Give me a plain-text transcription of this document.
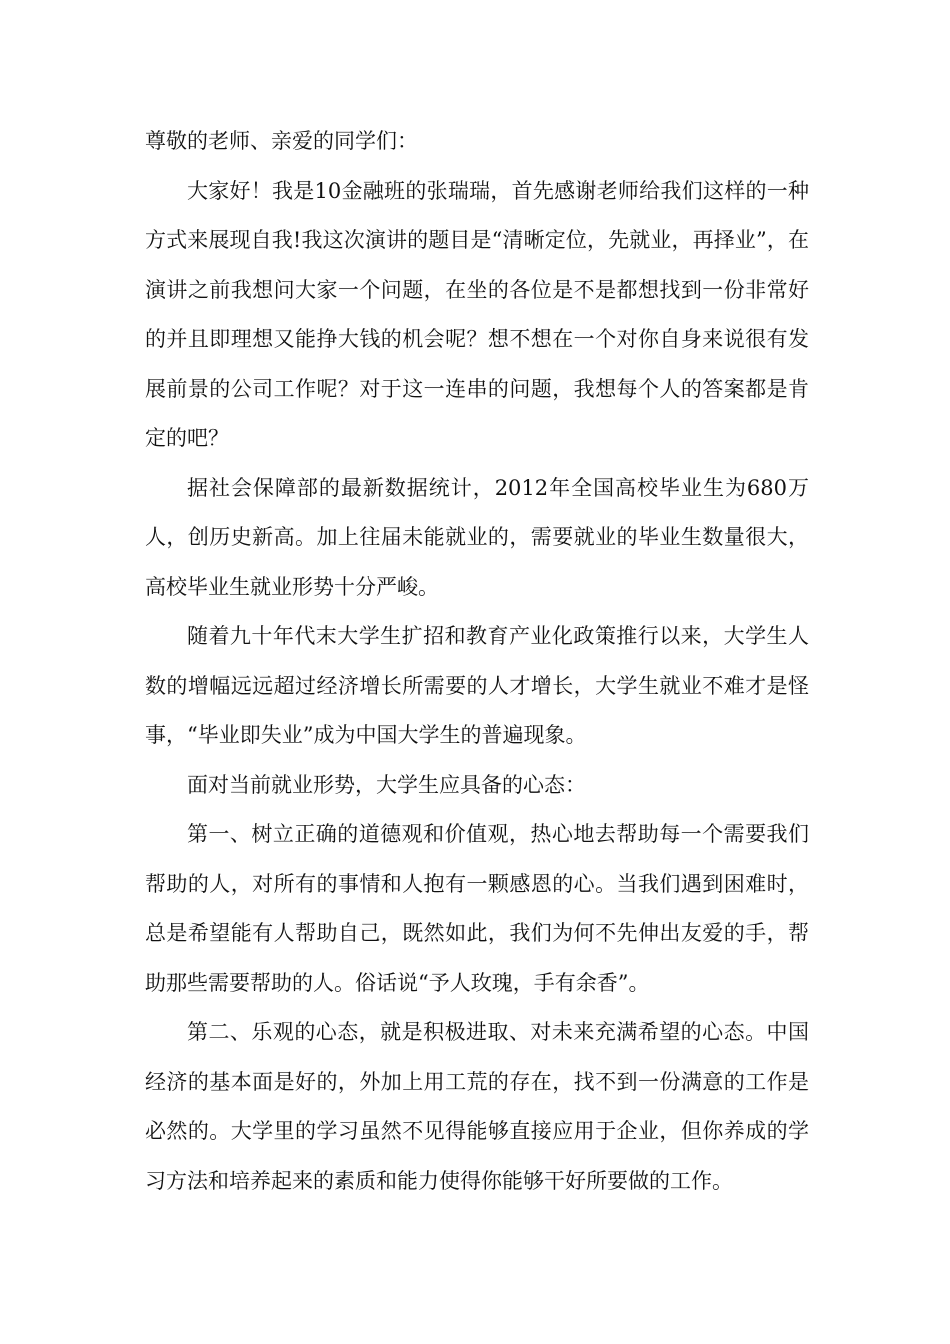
尊敬的老师、亲爱的同学们：

大家好！我是10金融班的张瑞瑞，首先感谢老师给我们这样的一种方式来展现自我!我这次演讲的题目是“清晰定位，先就业，再择业”，在演讲之前我想问大家一个问题，在坐的各位是不是都想找到一份非常好的并且即理想又能挣大钱的机会呢？想不想在一个对你自身来说很有发展前景的公司工作呢？对于这一连串的问题，我想每个人的答案都是肯定的吧？

据社会保障部的最新数据统计，2012年全国高校毕业生为680万人，创历史新高。加上往届未能就业的，需要就业的毕业生数量很大，高校毕业生就业形势十分严峻。

随着九十年代末大学生扩招和教育产业化政策推行以来，大学生人数的增幅远远超过经济增长所需要的人才增长，大学生就业不难才是怪事，“毕业即失业”成为中国大学生的普遍现象。

面对当前就业形势，大学生应具备的心态：

第一、树立正确的道德观和价值观，热心地去帮助每一个需要我们帮助的人，对所有的事情和人抱有一颗感恩的心。当我们遇到困难时，总是希望能有人帮助自己，既然如此，我们为何不先伸出友爱的手，帮助那些需要帮助的人。俗话说“予人玫瑰，手有余香”。

第二、乐观的心态，就是积极进取、对未来充满希望的心态。中国经济的基本面是好的，外加上用工荒的存在，找不到一份满意的工作是必然的。大学里的学习虽然不见得能够直接应用于企业，但你养成的学习方法和培养起来的素质和能力使得你能够干好所要做的工作。
